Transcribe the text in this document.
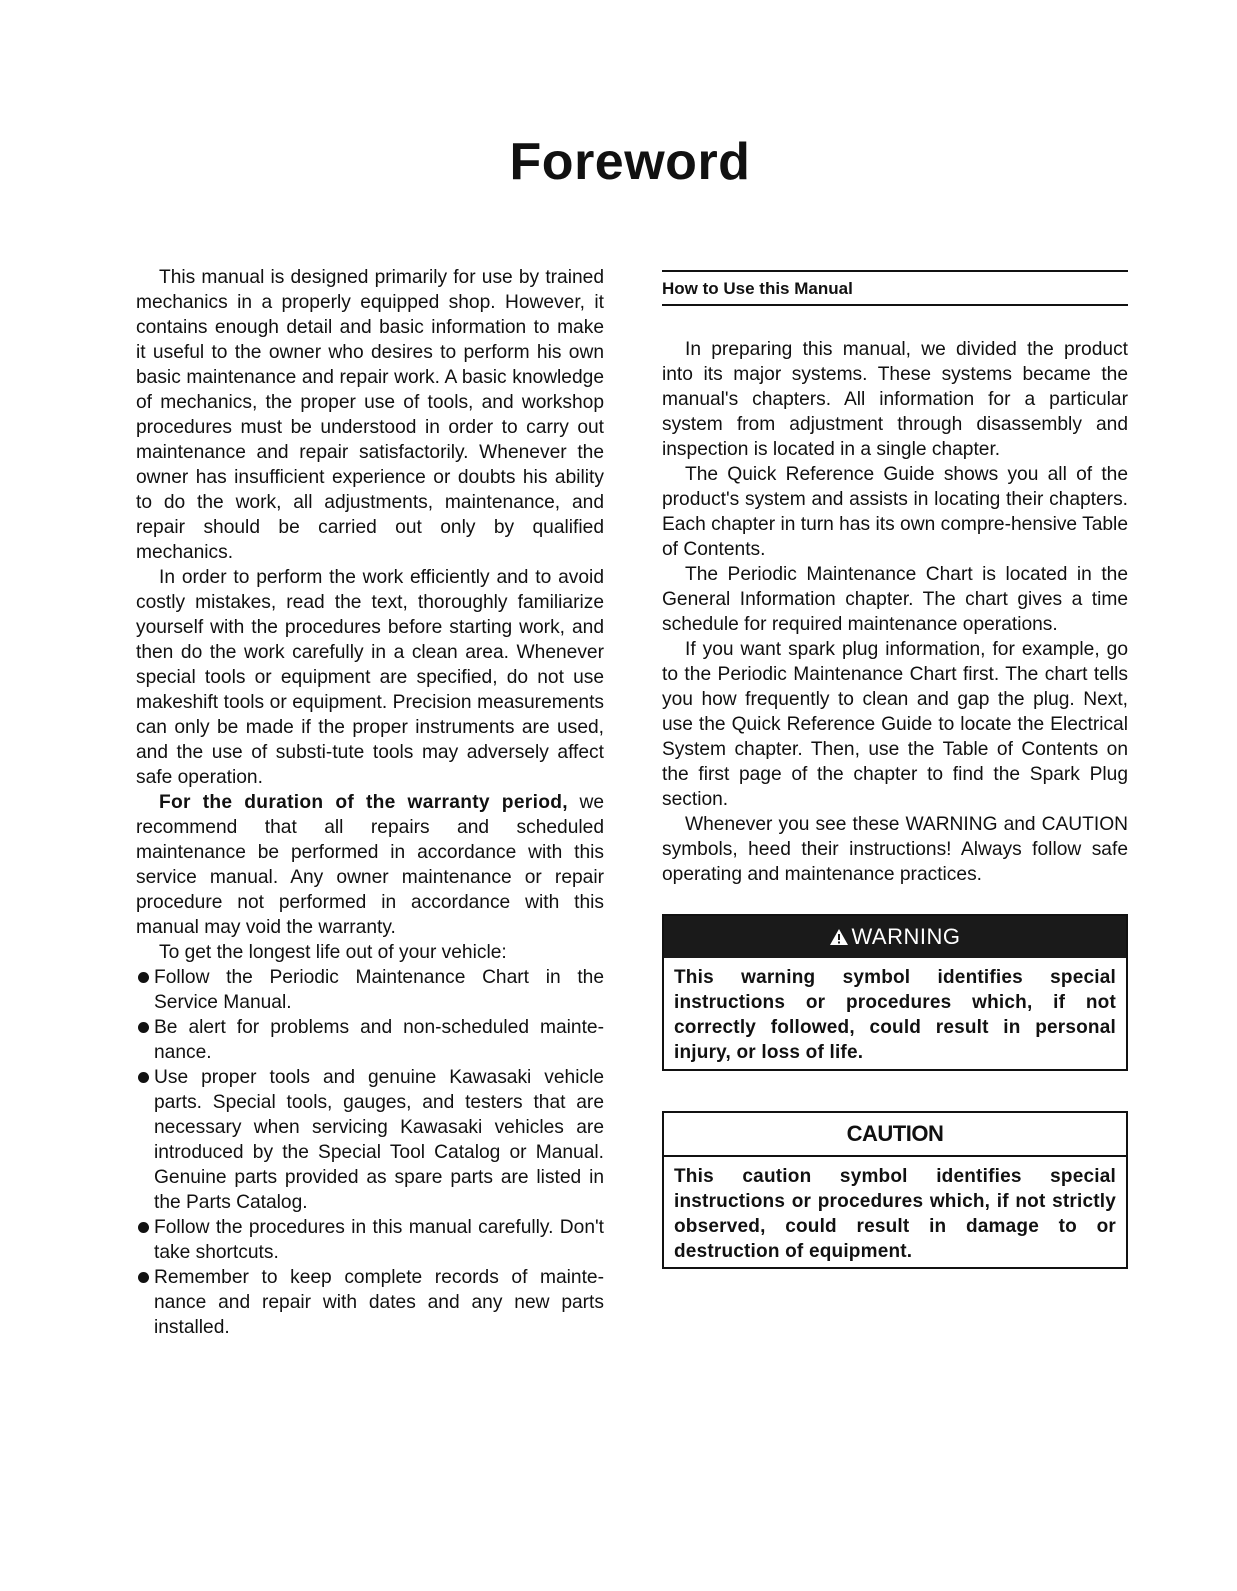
Foreword

This manual is designed primarily for use by trained mechanics in a properly equipped shop. However, it contains enough detail and basic information to make it useful to the owner who desires to perform his own basic maintenance and repair work. A basic knowledge of mechanics, the proper use of tools, and workshop procedures must be understood in order to carry out maintenance and repair satisfactorily. Whenever the owner has insufficient experience or doubts his ability to do the work, all adjustments, maintenance, and repair should be carried out only by qualified mechanics.

In order to perform the work efficiently and to avoid costly mistakes, read the text, thoroughly familiarize yourself with the procedures before starting work, and then do the work carefully in a clean area. Whenever special tools or equipment are specified, do not use makeshift tools or equipment. Precision measurements can only be made if the proper instruments are used, and the use of substi-tute tools may adversely affect safe operation.

For the duration of the warranty period, we recommend that all repairs and scheduled maintenance be performed in accordance with this service manual. Any owner maintenance or repair procedure not performed in accordance with this manual may void the warranty.

To get the longest life out of your vehicle:

Follow the Periodic Maintenance Chart in the Service Manual.
Be alert for problems and non-scheduled mainte-nance.
Use proper tools and genuine Kawasaki vehicle parts. Special tools, gauges, and testers that are necessary when servicing Kawasaki vehicles are introduced by the Special Tool Catalog or Manual. Genuine parts provided as spare parts are listed in the Parts Catalog.
Follow the procedures in this manual carefully. Don't take shortcuts.
Remember to keep complete records of mainte-nance and repair with dates and any new parts installed.
How to Use this Manual

In preparing this manual, we divided the product into its major systems. These systems became the manual's chapters. All information for a particular system from adjustment through disassembly and inspection is located in a single chapter.

The Quick Reference Guide shows you all of the product's system and assists in locating their chapters. Each chapter in turn has its own compre-hensive Table of Contents.

The Periodic Maintenance Chart is located in the General Information chapter. The chart gives a time schedule for required maintenance operations.

If you want spark plug information, for example, go to the Periodic Maintenance Chart first. The chart tells you how frequently to clean and gap the plug. Next, use the Quick Reference Guide to locate the Electrical System chapter. Then, use the Table of Contents on the first page of the chapter to find the Spark Plug section.

Whenever you see these WARNING and CAUTION symbols, heed their instructions! Always follow safe operating and maintenance practices.

WARNING
This warning symbol identifies special instructions or procedures which, if not correctly followed, could result in personal injury, or loss of life.
CAUTION
This caution symbol identifies special instructions or procedures which, if not strictly observed, could result in damage to or destruction of equipment.
